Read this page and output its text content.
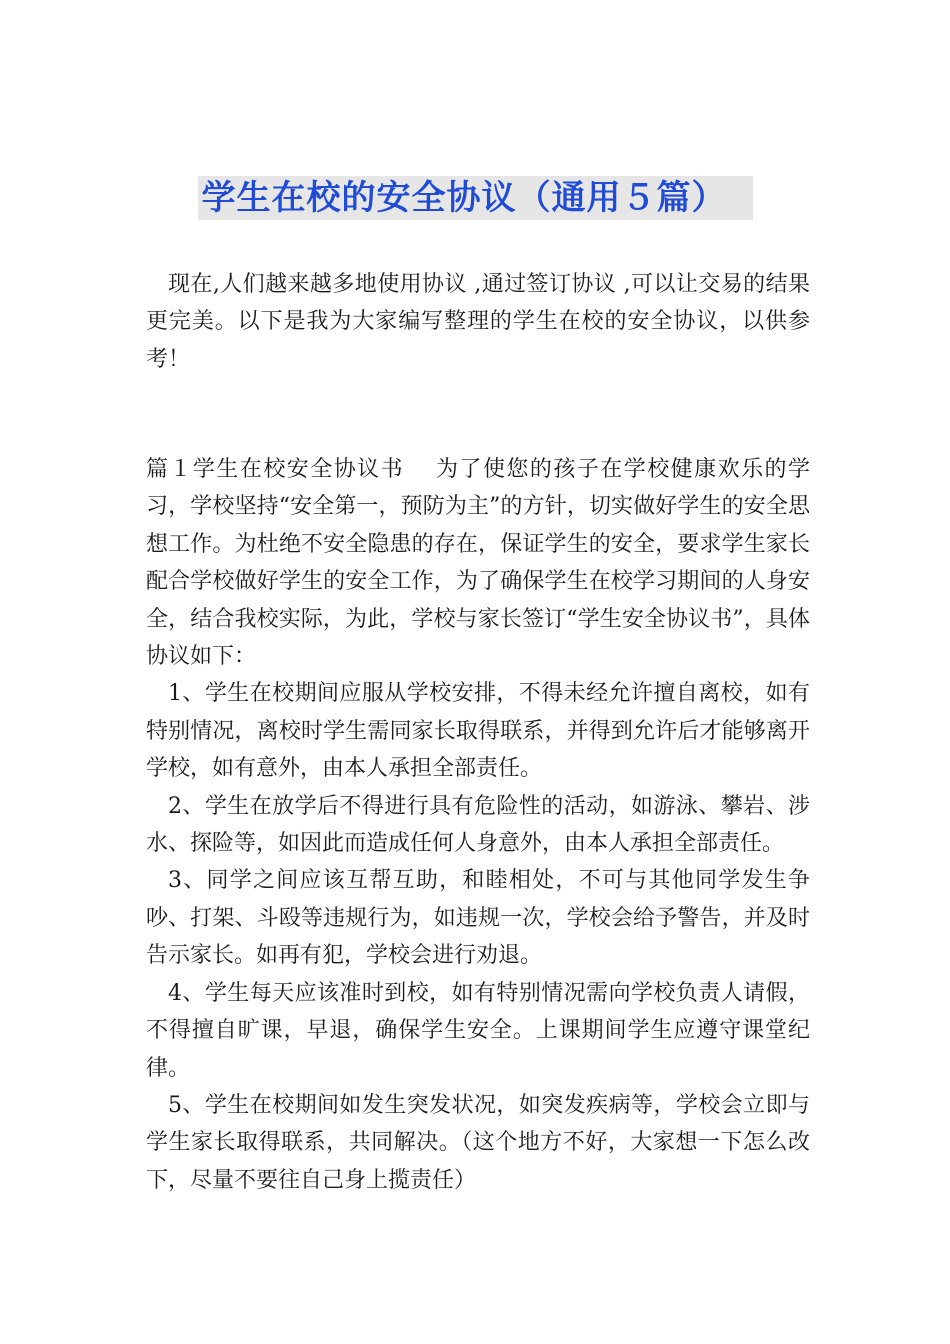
学生在校的安全协议（通用５篇）

现在,人们越来越多地使用协议 ,通过签订协议 ,可以让交易的结果更完美。以下是我为大家编写整理的学生在校的安全协议，以供参考！

篇１学生在校安全协议书　 为了使您的孩子在学校健康欢乐的学习，学校坚持“安全第一，预防为主”的方针，切实做好学生的安全思想工作。为杜绝不安全隐患的存在，保证学生的安全，要求学生家长配合学校做好学生的安全工作，为了确保学生在校学习期间的人身安全，结合我校实际，为此，学校与家长签订“学生安全协议书”，具体协议如下：

1、学生在校期间应服从学校安排，不得未经允许擅自离校，如有特别情况，离校时学生需同家长取得联系，并得到允许后才能够离开学校，如有意外，由本人承担全部责任。

2、学生在放学后不得进行具有危险性的活动，如游泳、攀岩、涉水、探险等，如因此而造成任何人身意外，由本人承担全部责任。

3、同学之间应该互帮互助，和睦相处，不可与其他同学发生争吵、打架、斗殴等违规行为，如违规一次，学校会给予警告，并及时告示家长。如再有犯，学校会进行劝退。

4、学生每天应该准时到校，如有特别情况需向学校负责人请假，不得擅自旷课，早退，确保学生安全。上课期间学生应遵守课堂纪律。

5、学生在校期间如发生突发状况，如突发疾病等，学校会立即与学生家长取得联系，共同解决。（这个地方不好，大家想一下怎么改下，尽量不要往自己身上揽责任）
